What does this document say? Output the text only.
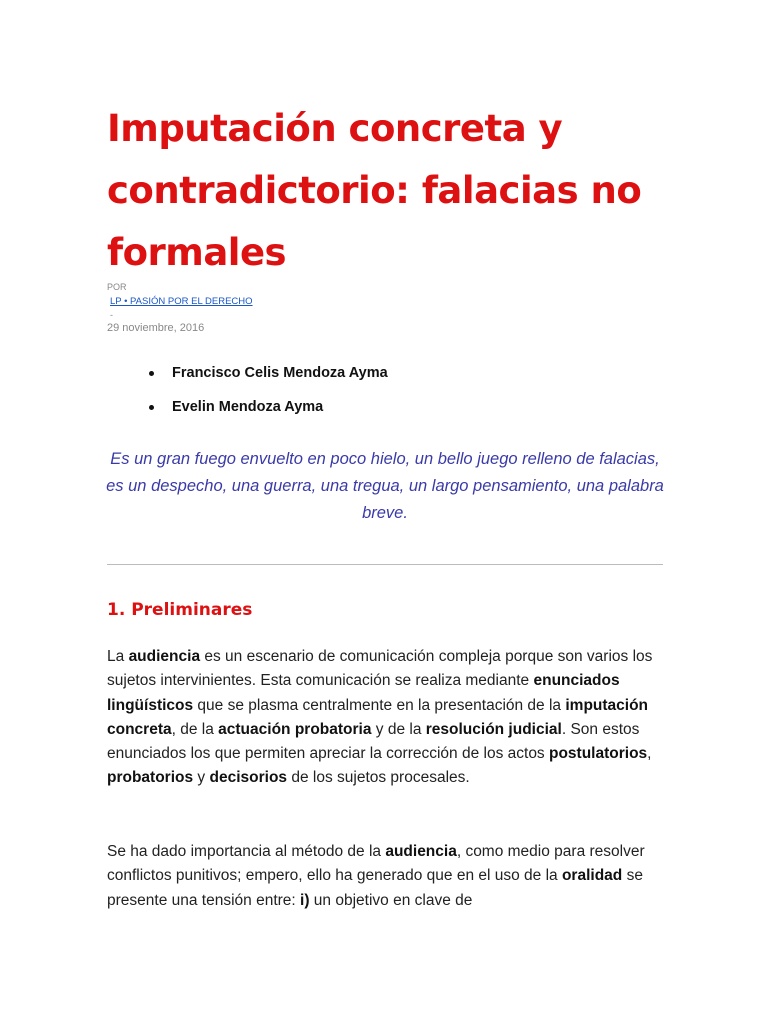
Imputación concreta y contradictorio: falacias no formales
POR
LP • PASIÓN POR EL DERECHO
-
29 noviembre, 2016
Francisco Celis Mendoza Ayma
Evelin Mendoza Ayma

Es un gran fuego envuelto en poco hielo, un bello juego relleno de falacias, es un despecho, una guerra, una tregua, un largo pensamiento, una palabra breve.

1. Preliminares

La audiencia es un escenario de comunicación compleja porque son varios los sujetos intervinientes. Esta comunicación se realiza mediante enunciados lingüísticos que se plasma centralmente en la presentación de la imputación concreta, de la actuación probatoria y de la resolución judicial. Son estos enunciados los que permiten apreciar la corrección de los actos postulatorios, probatorios y decisorios de los sujetos procesales.

Se ha dado importancia al método de la audiencia, como medio para resolver conflictos punitivos; empero, ello ha generado que en el uso de la oralidad se presente una tensión entre: i) un objetivo en clave de
